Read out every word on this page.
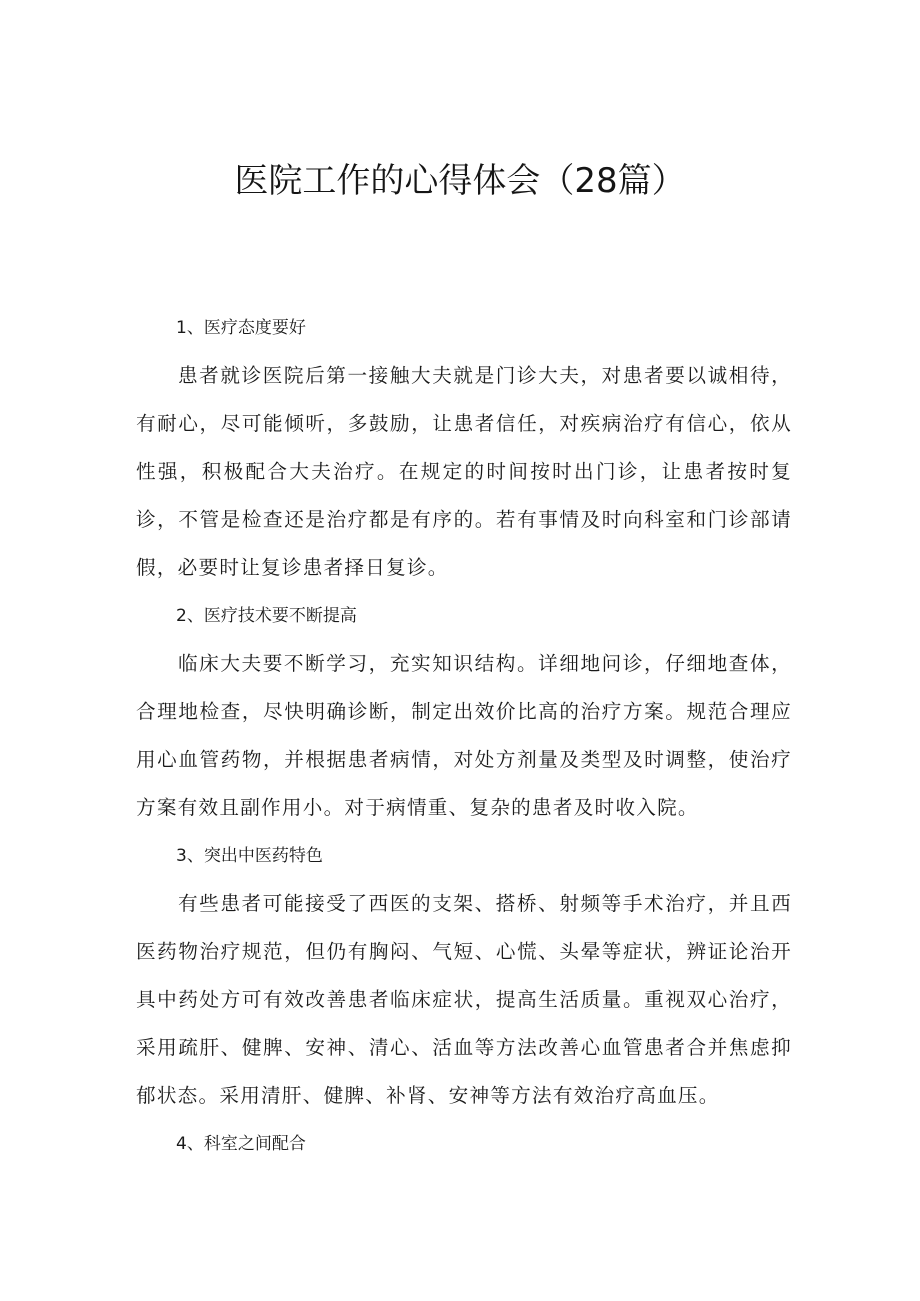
医院工作的心得体会（28篇）

1、医疗态度要好

患者就诊医院后第一接触大夫就是门诊大夫，对患者要以诚相待，有耐心，尽可能倾听，多鼓励，让患者信任，对疾病治疗有信心，依从性强，积极配合大夫治疗。在规定的时间按时出门诊，让患者按时复诊，不管是检查还是治疗都是有序的。若有事情及时向科室和门诊部请假，必要时让复诊患者择日复诊。

2、医疗技术要不断提高

临床大夫要不断学习，充实知识结构。详细地问诊，仔细地查体，合理地检查，尽快明确诊断，制定出效价比高的治疗方案。规范合理应用心血管药物，并根据患者病情，对处方剂量及类型及时调整，使治疗方案有效且副作用小。对于病情重、复杂的患者及时收入院。

3、突出中医药特色

有些患者可能接受了西医的支架、搭桥、射频等手术治疗，并且西医药物治疗规范，但仍有胸闷、气短、心慌、头晕等症状，辨证论治开具中药处方可有效改善患者临床症状，提高生活质量。重视双心治疗，采用疏肝、健脾、安神、清心、活血等方法改善心血管患者合并焦虑抑郁状态。采用清肝、健脾、补肾、安神等方法有效治疗高血压。

4、科室之间配合
